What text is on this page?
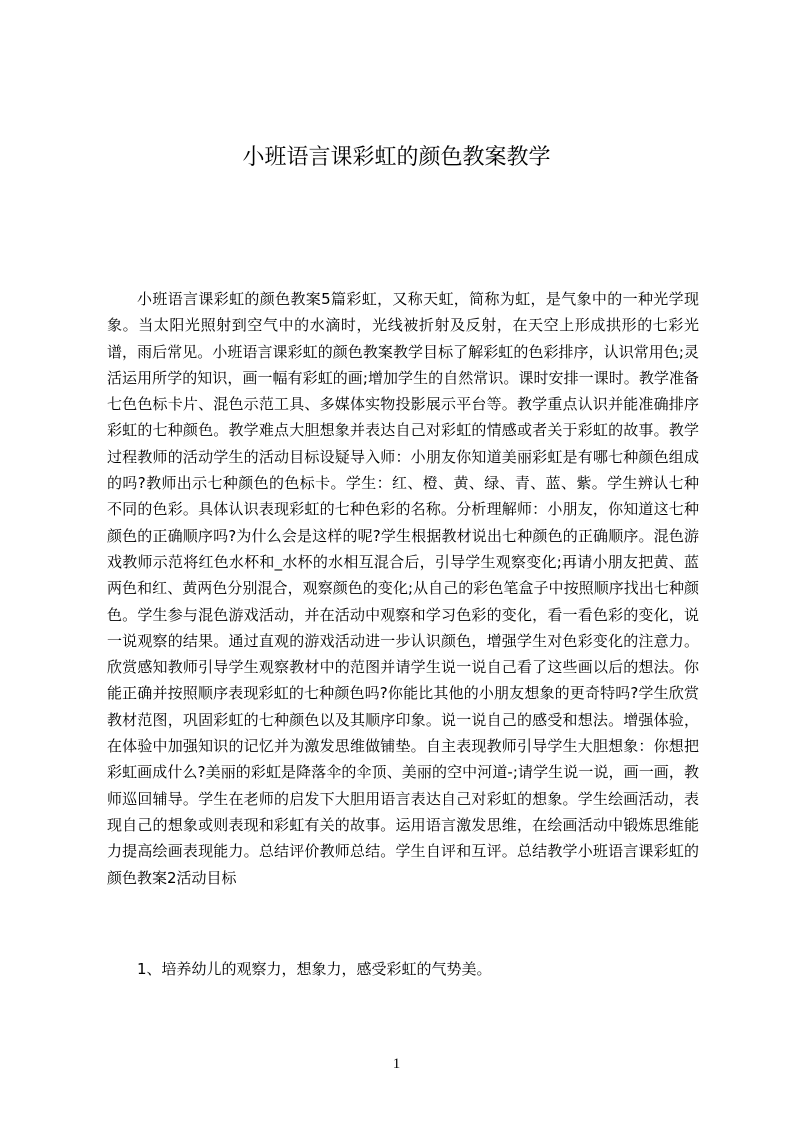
小班语言课彩虹的颜色教案教学

小班语言课彩虹的颜色教案5篇彩虹，又称天虹，简称为虹，是气象中的一种光学现象。当太阳光照射到空气中的水滴时，光线被折射及反射，在天空上形成拱形的七彩光谱，雨后常见。小班语言课彩虹的颜色教案教学目标了解彩虹的色彩排序，认识常用色;灵活运用所学的知识，画一幅有彩虹的画;增加学生的自然常识。课时安排一课时。教学准备七色色标卡片、混色示范工具、多媒体实物投影展示平台等。教学重点认识并能准确排序彩虹的七种颜色。教学难点大胆想象并表达自己对彩虹的情感或者关于彩虹的故事。教学过程教师的活动学生的活动目标设疑导入师：小朋友你知道美丽彩虹是有哪七种颜色组成的吗?教师出示七种颜色的色标卡。学生：红、橙、黄、绿、青、蓝、紫。学生辨认七种不同的色彩。具体认识表现彩虹的七种色彩的名称。分析理解师：小朋友，你知道这七种颜色的正确顺序吗?为什么会是这样的呢?学生根据教材说出七种颜色的正确顺序。混色游戏教师示范将红色水杯和_水杯的水相互混合后，引导学生观察变化;再请小朋友把黄、蓝两色和红、黄两色分别混合，观察颜色的变化;从自己的彩色笔盒子中按照顺序找出七种颜色。学生参与混色游戏活动，并在活动中观察和学习色彩的变化，看一看色彩的变化，说一说观察的结果。通过直观的游戏活动进一步认识颜色，增强学生对色彩变化的注意力。欣赏感知教师引导学生观察教材中的范图并请学生说一说自己看了这些画以后的想法。你能正确并按照顺序表现彩虹的七种颜色吗?你能比其他的小朋友想象的更奇特吗?学生欣赏教材范图，巩固彩虹的七种颜色以及其顺序印象。说一说自己的感受和想法。增强体验，在体验中加强知识的记忆并为激发思维做铺垫。自主表现教师引导学生大胆想象：你想把彩虹画成什么?美丽的彩虹是降落伞的伞顶、美丽的空中河道-;请学生说一说，画一画，教师巡回辅导。学生在老师的启发下大胆用语言表达自己对彩虹的想象。学生绘画活动，表现自己的想象或则表现和彩虹有关的故事。运用语言激发思维，在绘画活动中锻炼思维能力提高绘画表现能力。总结评价教师总结。学生自评和互评。总结教学小班语言课彩虹的颜色教案2活动目标

1、培养幼儿的观察力，想象力，感受彩虹的气势美。

1
